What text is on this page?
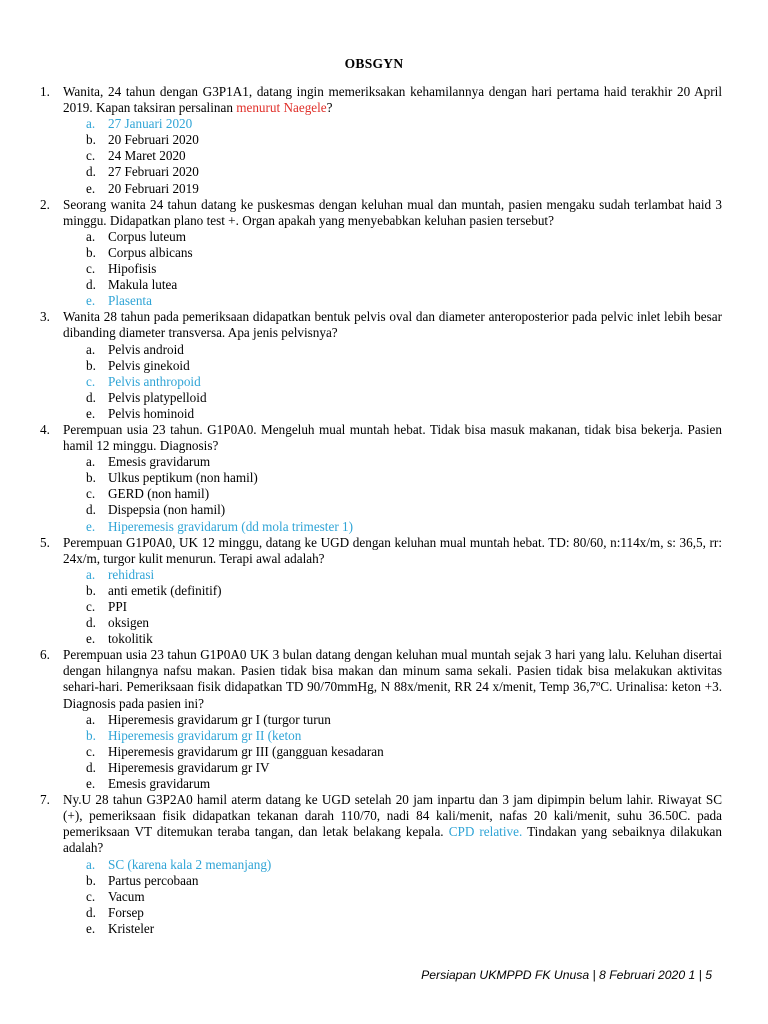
OBSGYN
1. Wanita, 24 tahun dengan G3P1A1, datang ingin memeriksakan kehamilannya dengan hari pertama haid terakhir 20 April 2019. Kapan taksiran persalinan menurut Naegele?
a. 27 Januari 2020
b. 20 Februari 2020
c. 24 Maret 2020
d. 27 Februari 2020
e. 20 Februari 2019
2. Seorang wanita 24 tahun datang ke puskesmas dengan keluhan mual dan muntah, pasien mengaku sudah terlambat haid 3 minggu. Didapatkan plano test +. Organ apakah yang menyebabkan keluhan pasien tersebut?
a. Corpus luteum
b. Corpus albicans
c. Hipofisis
d. Makula lutea
e. Plasenta
3. Wanita 28 tahun pada pemeriksaan didapatkan bentuk pelvis oval dan diameter anteroposterior pada pelvic inlet lebih besar dibanding diameter transversa. Apa jenis pelvisnya?
a. Pelvis android
b. Pelvis ginekoid
c. Pelvis anthropoid
d. Pelvis platypelloid
e. Pelvis hominoid
4. Perempuan usia 23 tahun. G1P0A0. Mengeluh mual muntah hebat. Tidak bisa masuk makanan, tidak bisa bekerja. Pasien hamil 12 minggu. Diagnosis?
a. Emesis gravidarum
b. Ulkus peptikum (non hamil)
c. GERD (non hamil)
d. Dispepsia (non hamil)
e. Hiperemesis gravidarum (dd mola trimester 1)
5. Perempuan G1P0A0, UK 12 minggu, datang ke UGD dengan keluhan mual muntah hebat. TD: 80/60, n:114x/m, s: 36,5, rr: 24x/m, turgor kulit menurun. Terapi awal adalah?
a. rehidrasi
b. anti emetik (definitif)
c. PPI
d. oksigen
e. tokolitik
6. Perempuan usia 23 tahun G1P0A0 UK 3 bulan datang dengan keluhan mual muntah sejak 3 hari yang lalu. Keluhan disertai dengan hilangnya nafsu makan. Pasien tidak bisa makan dan minum sama sekali. Pasien tidak bisa melakukan aktivitas sehari-hari. Pemeriksaan fisik didapatkan TD 90/70mmHg, N 88x/menit, RR 24 x/menit, Temp 36,7ºC. Urinalisa: keton +3. Diagnosis pada pasien ini?
a. Hiperemesis gravidarum gr I (turgor turun
b. Hiperemesis gravidarum gr II (keton
c. Hiperemesis gravidarum gr III (gangguan kesadaran
d. Hiperemesis gravidarum gr IV
e. Emesis gravidarum
7. Ny.U 28 tahun G3P2A0 hamil aterm datang ke UGD setelah 20 jam inpartu dan 3 jam dipimpin belum lahir. Riwayat SC (+), pemeriksaan fisik didapatkan tekanan darah 110/70, nadi 84 kali/menit, nafas 20 kali/menit, suhu 36.50C. pada pemeriksaan VT ditemukan teraba tangan, dan letak belakang kepala. CPD relative. Tindakan yang sebaiknya dilakukan adalah?
a. SC (karena kala 2 memanjang)
b. Partus percobaan
c. Vacum
d. Forsep
e. Kristeler
Persiapan UKMPPD FK Unusa | 8 Februari 2020 1 | 5
